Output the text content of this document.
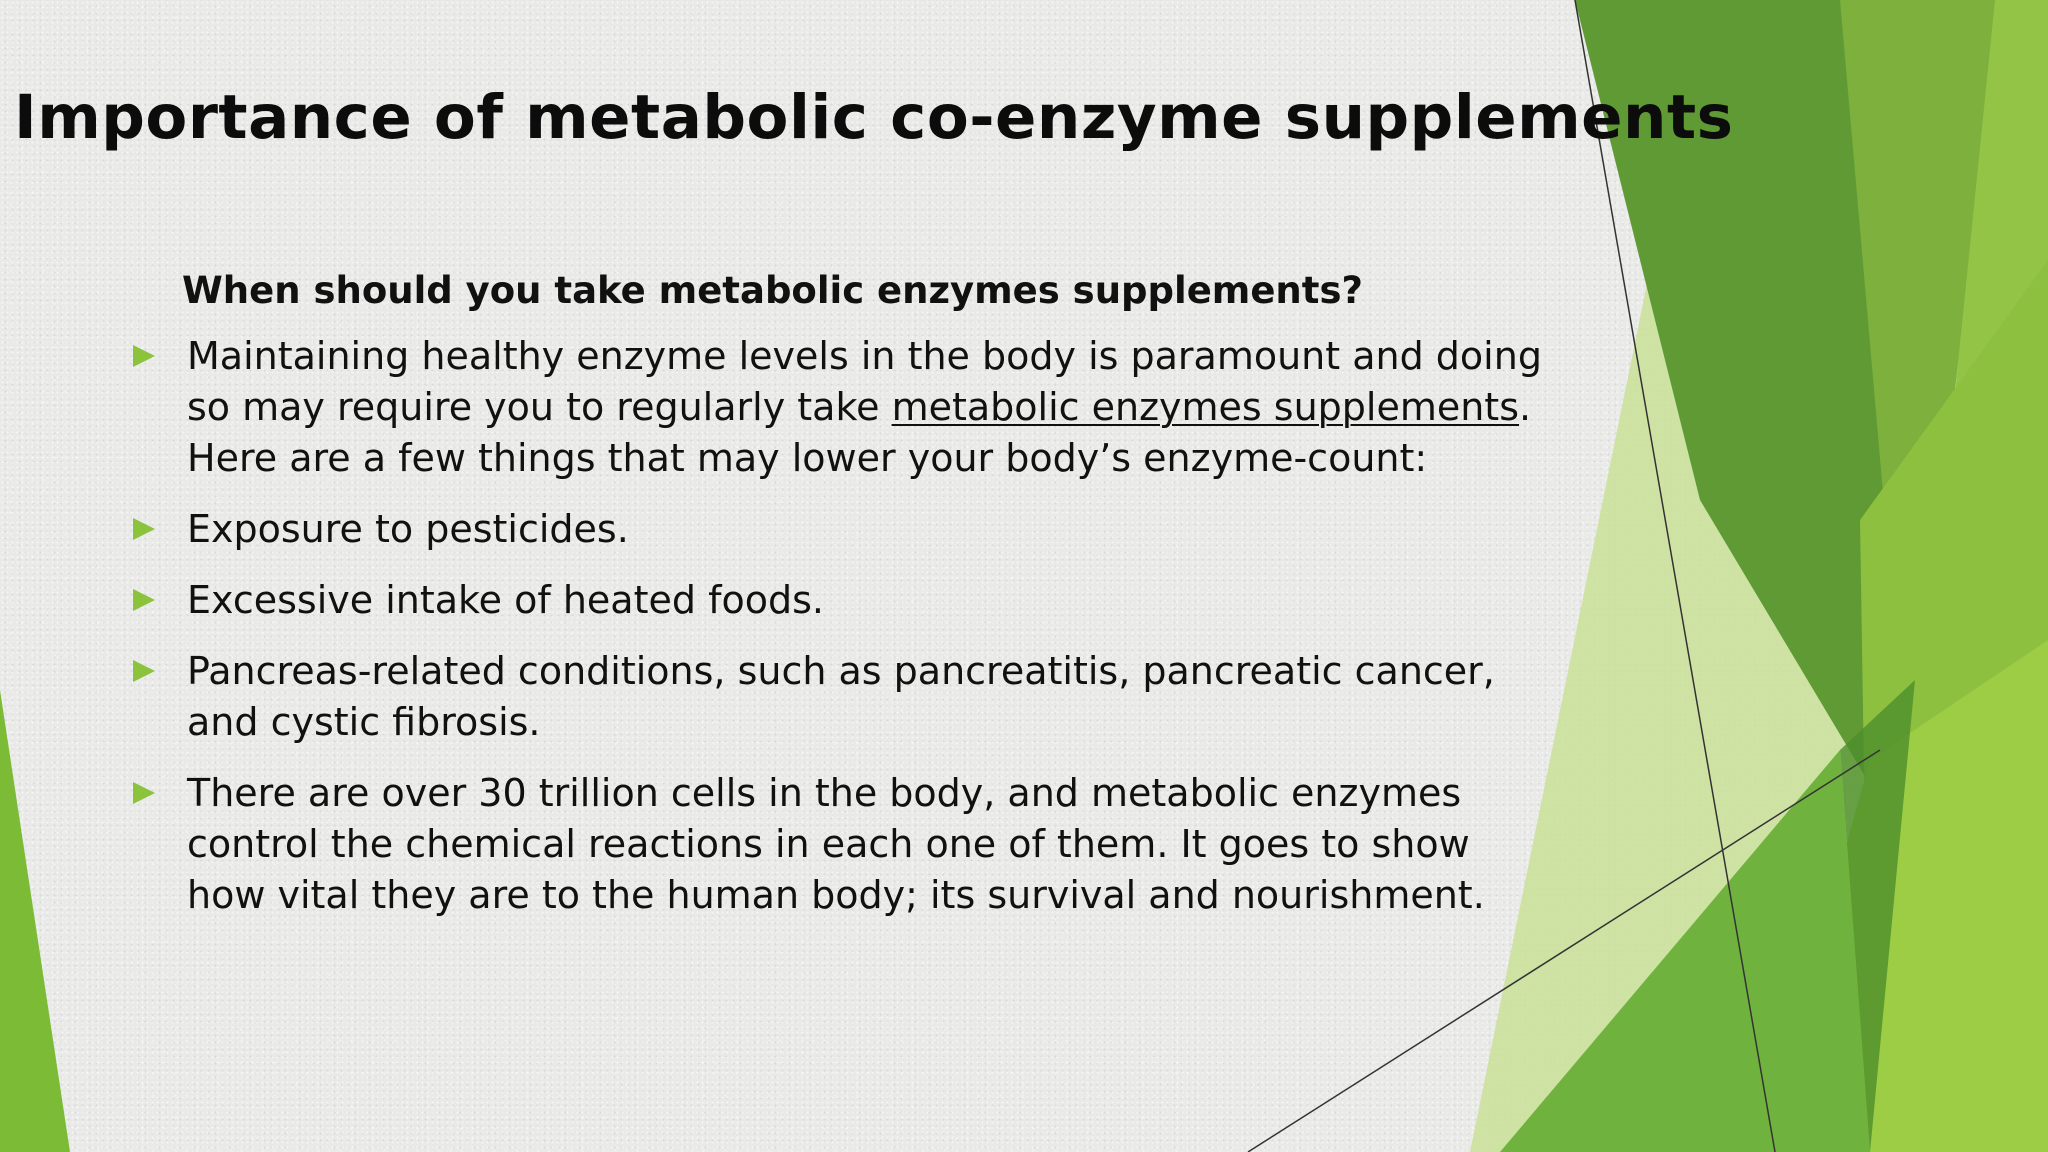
Importance of metabolic co-enzyme supplements
When should you take metabolic enzymes supplements?
Maintaining healthy enzyme levels in the body is paramount and doing
so may require you to regularly take metabolic enzymes supplements.
Here are a few things that may lower your body’s enzyme-count:
Exposure to pesticides.
Excessive intake of heated foods.
Pancreas-related conditions, such as pancreatitis, pancreatic cancer,
and cystic fibrosis.
There are over 30 trillion cells in the body, and metabolic enzymes
control the chemical reactions in each one of them. It goes to show
how vital they are to the human body; its survival and nourishment.
